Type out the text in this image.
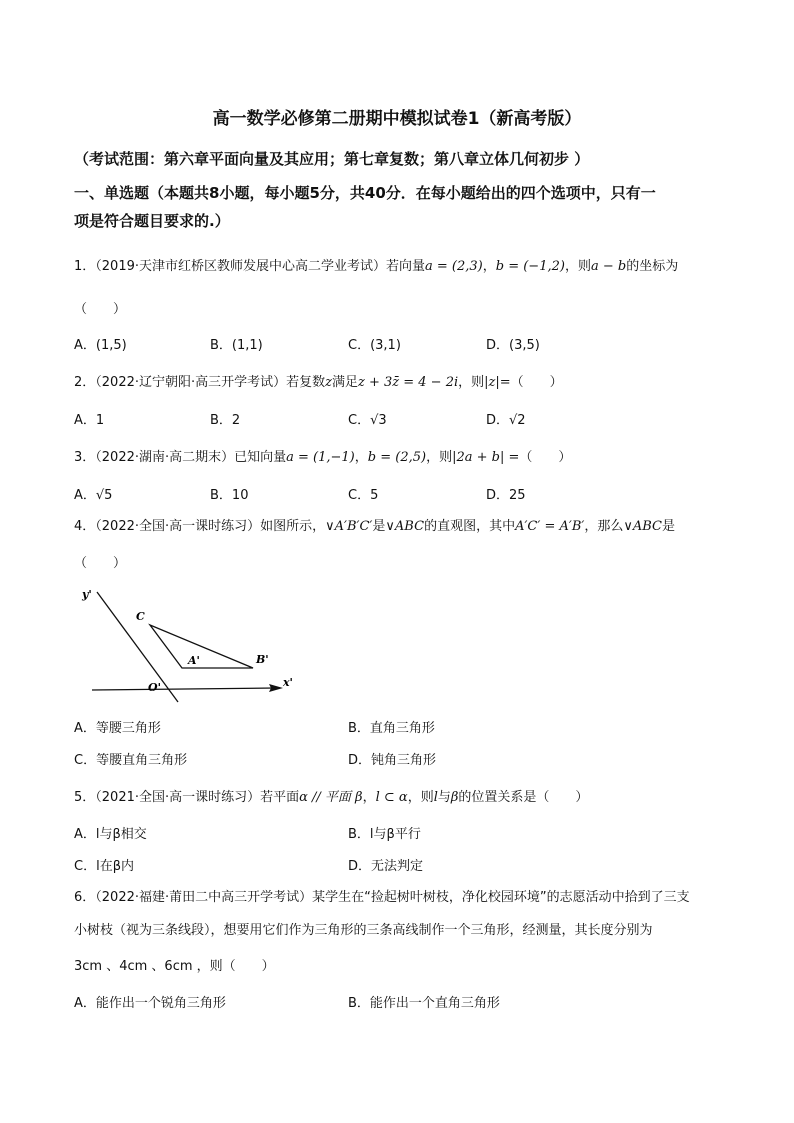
高一数学必修第二册期中模拟试卷1（新高考版）
（考试范围：第六章平面向量及其应用；第七章复数；第八章立体几何初步 ）
一、单选题（本题共8小题，每小题5分，共40分．在每小题给出的四个选项中，只有一
项是符合题目要求的.）
1．（2019·天津市红桥区教师发展中心高二学业考试）若向量a = (2,3)，b = (−1,2)，则a − b的坐标为
（　　）
A．(1,5)	B．(1,1)	C．(3,1)	D．(3,5)
2．（2022·辽宁朝阳·高三开学考试）若复数z满足z + 3z̄ = 4 − 2i，则|z|=（　　）
A．1	B．2	C．√3	D．√2
3．（2022·湖南·高二期末）已知向量a = (1,−1)，b = (2,5)，则|2a + b| =（　　）
A．√5	B．10	C．5	D．25
4．（2022·全国·高一课时练习）如图所示，∨A′B′C′是∨ABC的直观图，其中A′C′ = A′B′，那么∨ABC是
（　　）
y'
x'
O'
C
A'	B'
A．等腰三角形	B．直角三角形
C．等腰直角三角形	D．钝角三角形
5．（2021·全国·高一课时练习）若平面α // 平面 β，l ⊂ α，则l与β的位置关系是（　　）
A．l与β相交	B．l与β平行
C．l在β内	D．无法判定
6．（2022·福建·莆田二中高三开学考试）某学生在“捡起树叶树枝，净化校园环境”的志愿活动中拾到了三支
小树枝（视为三条线段），想要用它们作为三角形的三条高线制作一个三角形，经测量，其长度分别为
3cm 、4cm 、6cm ，则（　　）
A．能作出一个锐角三角形	B．能作出一个直角三角形
